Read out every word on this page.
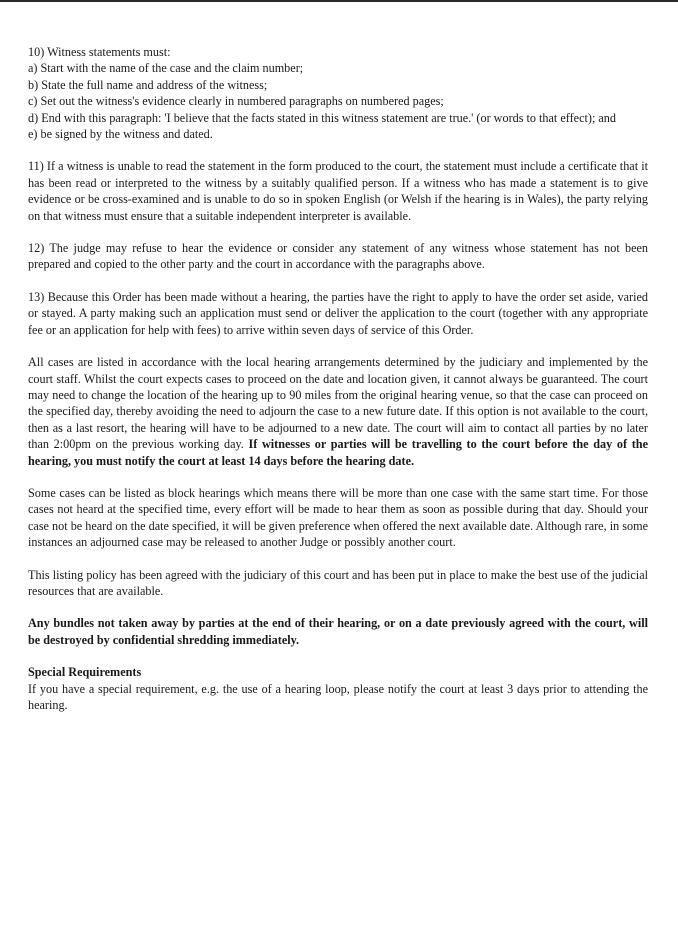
10) Witness statements must:
a) Start with the name of the case and the claim number;
b) State the full name and address of the witness;
c) Set out the witness's evidence clearly in numbered paragraphs on numbered pages;

d) End with this paragraph: 'I believe that the facts stated in this witness statement are true.' (or words to that effect); and

e) be signed by the witness and dated.

11) If a witness is unable to read the statement in the form produced to the court, the statement must include a certificate that it has been read or interpreted to the witness by a suitably qualified person. If a witness who has made a statement is to give evidence or be cross-examined and is unable to do so in spoken English (or Welsh if the hearing is in Wales), the party relying on that witness must ensure that a suitable independent interpreter is available.

12) The judge may refuse to hear the evidence or consider any statement of any witness whose statement has not been prepared and copied to the other party and the court in accordance with the paragraphs above.

13) Because this Order has been made without a hearing, the parties have the right to apply to have the order set aside, varied or stayed. A party making such an application must send or deliver the application to the court (together with any appropriate fee or an application for help with fees) to arrive within seven days of service of this Order.

All cases are listed in accordance with the local hearing arrangements determined by the judiciary and implemented by the court staff. Whilst the court expects cases to proceed on the date and location given, it cannot always be guaranteed. The court may need to change the location of the hearing up to 90 miles from the original hearing venue, so that the case can proceed on the specified day, thereby avoiding the need to adjourn the case to a new future date. If this option is not available to the court, then as a last resort, the hearing will have to be adjourned to a new date. The court will aim to contact all parties by no later than 2:00pm on the previous working day. If witnesses or parties will be travelling to the court before the day of the hearing, you must notify the court at least 14 days before the hearing date.

Some cases can be listed as block hearings which means there will be more than one case with the same start time. For those cases not heard at the specified time, every effort will be made to hear them as soon as possible during that day. Should your case not be heard on the date specified, it will be given preference when offered the next available date. Although rare, in some instances an adjourned case may be released to another Judge or possibly another court.

This listing policy has been agreed with the judiciary of this court and has been put in place to make the best use of the judicial resources that are available.

Any bundles not taken away by parties at the end of their hearing, or on a date previously agreed with the court, will be destroyed by confidential shredding immediately.

Special Requirements

If you have a special requirement, e.g. the use of a hearing loop, please notify the court at least 3 days prior to attending the hearing.
